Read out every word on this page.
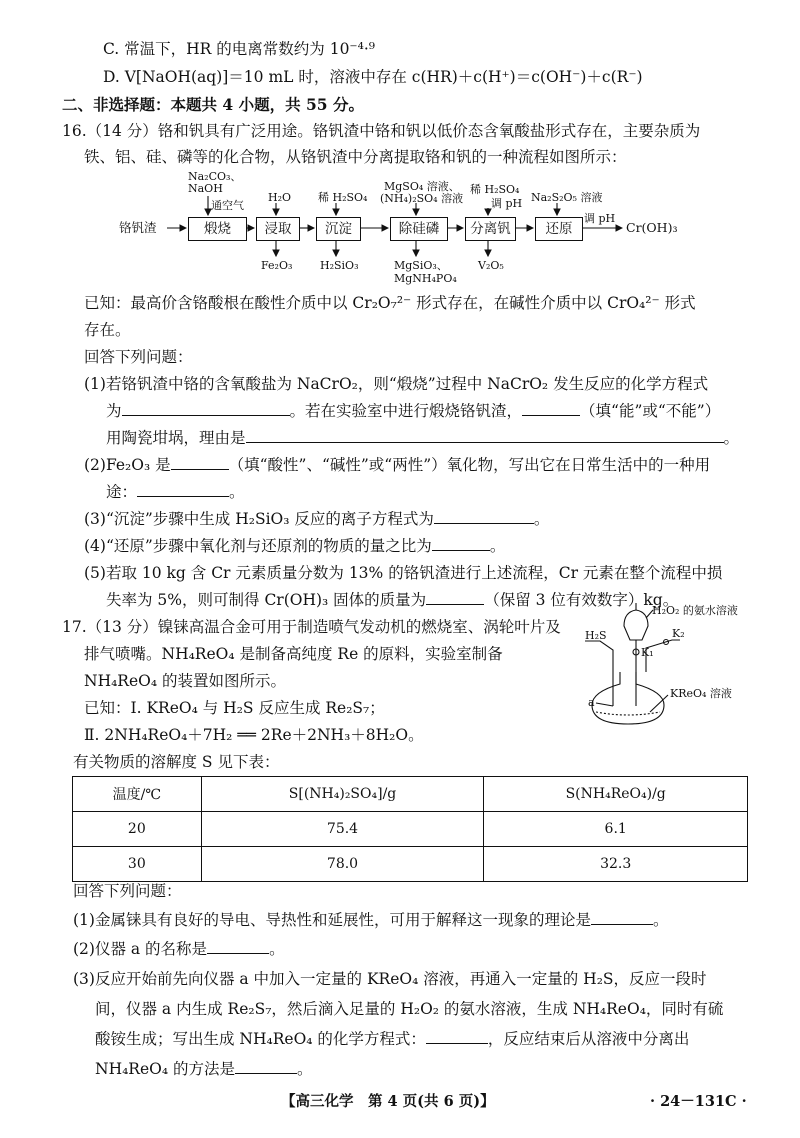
C. 常温下，HR 的电离常数约为 10⁻⁴·⁹
D. V[NaOH(aq)]＝10 mL 时，溶液中存在 c(HR)＋c(H⁺)＝c(OH⁻)＋c(R⁻)
二、非选择题：本题共 4 小题，共 55 分。
16.（14 分）铬和钒具有广泛用途。铬钒渣中铬和钒以低价态含氧酸盐形式存在，主要杂质为
铁、铝、硅、磷等的化合物，从铬钒渣中分离提取铬和钒的一种流程如图所示：
铬钒渣	煅烧	浸取	沉淀	除硅磷	分离钒	还原	Cr(OH)₃
Na₂CO₃、
NaOH
通空气
H₂O 稀 H₂SO₄
MgSO₄ 溶液、
(NH₄)₂SO₄ 溶液
稀 H₂SO₄
调 pH Na₂S₂O₅ 溶液
调 pH
Fe₂O₃	H₂SiO₃	MgSiO₃、
MgNH₄PO₄
V₂O₅
已知：最高价含铬酸根在酸性介质中以 Cr₂O₇²⁻ 形式存在，在碱性介质中以 CrO₄²⁻ 形式
存在。
回答下列问题：
(1)若铬钒渣中铬的含氧酸盐为 NaCrO₂，则“煅烧”过程中 NaCrO₂ 发生反应的化学方程式
为	。若在实验室中进行煅烧铬钒渣，	（填“能”或“不能”）
用陶瓷坩埚，理由是	。
(2)Fe₂O₃ 是	（填“酸性”、“碱性”或“两性”）氧化物，写出它在日常生活中的一种用
途：	。
(3)“沉淀”步骤中生成 H₂SiO₃ 反应的离子方程式为	。
(4)“还原”步骤中氧化剂与还原剂的物质的量之比为	。
(5)若取 10 kg 含 Cr 元素质量分数为 13% 的铬钒渣进行上述流程，Cr 元素在整个流程中损
失率为 5%，则可制得 Cr(OH)₃ 固体的质量为	（保留 3 位有效数字）kg。
17.（13 分）镍铼高温合金可用于制造喷气发动机的燃烧室、涡轮叶片及
排气喷嘴。NH₄ReO₄ 是制备高纯度 Re 的原料，实验室制备
NH₄ReO₄ 的装置如图所示。
已知：Ⅰ. KReO₄ 与 H₂S 反应生成 Re₂S₇；
Ⅱ. 2NH₄ReO₄＋7H₂ ══ 2Re＋2NH₃＋8H₂O。
H₂O₂ 的氨水溶液
H₂S	K₂
K₁
a
KReO₄ 溶液
有关物质的溶解度 S 见下表：
温度/℃	S[(NH₄)₂SO₄]/g	S(NH₄ReO₄)/g
20	75.4	6.1
30	78.0	32.3
回答下列问题：
(1)金属铼具有良好的导电、导热性和延展性，可用于解释这一现象的理论是	。
(2)仪器 a 的名称是	。
(3)反应开始前先向仪器 a 中加入一定量的 KReO₄ 溶液，再通入一定量的 H₂S，反应一段时
间，仪器 a 内生成 Re₂S₇，然后滴入足量的 H₂O₂ 的氨水溶液，生成 NH₄ReO₄，同时有硫
酸铵生成；写出生成 NH₄ReO₄ 的化学方程式：	，反应结束后从溶液中分离出
NH₄ReO₄ 的方法是	。
【高三化学　第 4 页(共 6 页)】	· 24－131C ·
